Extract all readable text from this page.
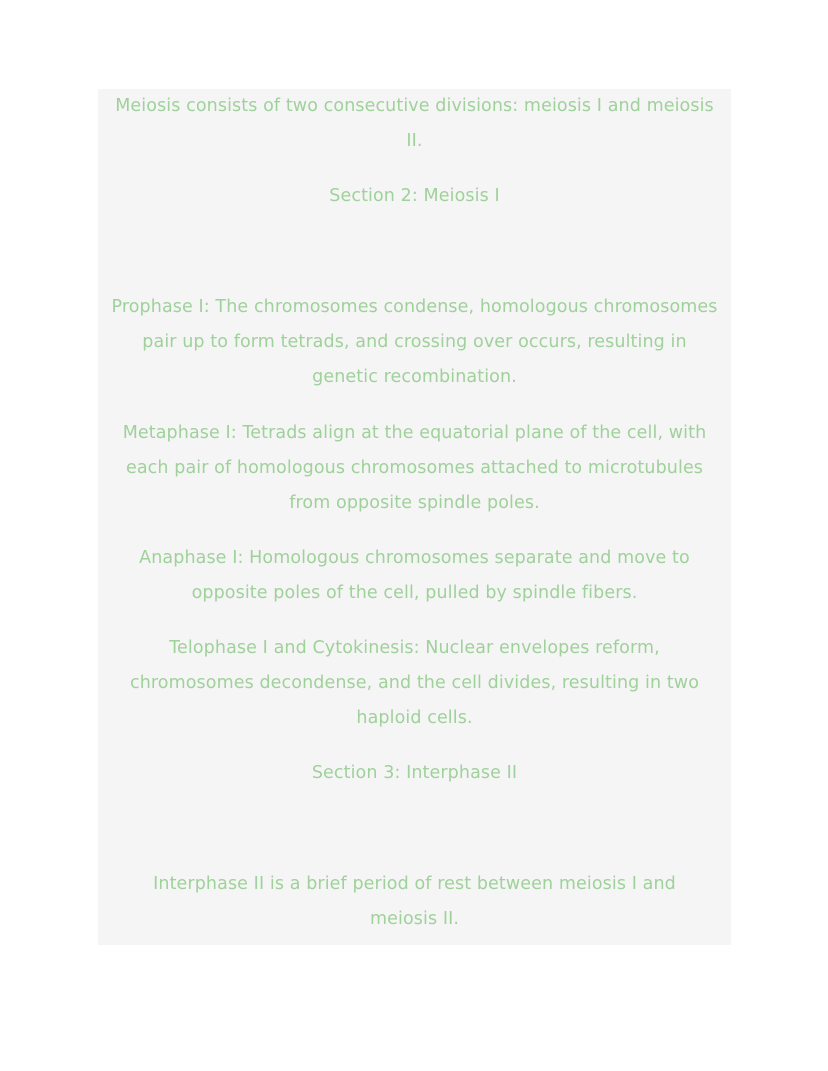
Meiosis consists of two consecutive divisions: meiosis I and meiosis
II.

Section 2: Meiosis I

Prophase I: The chromosomes condense, homologous chromosomes
pair up to form tetrads, and crossing over occurs, resulting in
genetic recombination.

Metaphase I: Tetrads align at the equatorial plane of the cell, with
each pair of homologous chromosomes attached to microtubules
from opposite spindle poles.

Anaphase I: Homologous chromosomes separate and move to
opposite poles of the cell, pulled by spindle fibers.

Telophase I and Cytokinesis: Nuclear envelopes reform,
chromosomes decondense, and the cell divides, resulting in two
haploid cells.

Section 3: Interphase II

Interphase II is a brief period of rest between meiosis I and
meiosis II.
